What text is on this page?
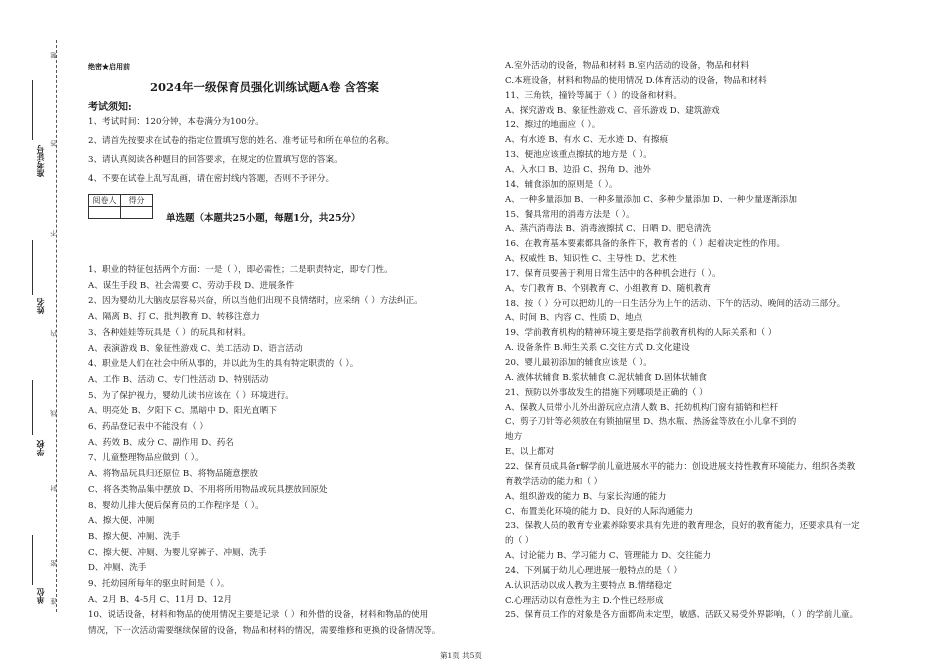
题
答
不
内
线
封
密
准
准考证号
姓名
学校
单位
绝密★启用前
2024年一级保育员强化训练试题A卷 含答案
考试须知:
1、考试时间：120分钟，本卷满分为100分。
2、请首先按要求在试卷的指定位置填写您的姓名、准考证号和所在单位的名称。
3、请认真阅读各种题目的回答要求，在规定的位置填写您的答案。
4、不要在试卷上乱写乱画，请在密封线内答题，否则不予评分。
阅卷人	得分

单选题（本题共25小题，每题1分，共25分）
1、职业的特征包括两个方面：一是（ ），即必需性；二是职责特定，即专门性。
A、谋生手段 B、社会需要 C、劳动手段 D、进展条件
2、因为婴幼儿大脑皮层容易兴奋，所以当他们出现不良情绪时，应采纳（ ）方法纠正。
A、隔离 B、打 C、批判教育 D、转移注意力
3、各种娃娃等玩具是（ ）的玩具和材料。
A、表演游戏 B、象征性游戏 C、美工活动 D、语言活动
4、职业是人们在社会中所从事的，并以此为生的具有特定职责的（ ）。
A、工作 B、活动 C、专门性活动 D、特别活动
5、为了保护视力，婴幼儿读书应该在（ ）环境进行。
A、明亮处 B、夕阳下 C、黑暗中 D、阳光直晒下
6、药品登记表中不能没有（ ）
A、药效 B、成分 C、副作用 D、药名
7、儿童整理物品应做到（ ）。
A、将物品玩具归还原位 B、将物品随意摆放
C、将各类物品集中摆放 D、不用将所用物品或玩具摆放回原处
8、婴幼儿排大便后保育员的工作程序是（ ）。
A、擦大便、冲厕
B、擦大便、冲厕、洗手
C、擦大便、冲厕、为婴儿穿裤子、冲厕、洗手
D、冲厕、洗手
9、托幼园所每年的驱虫时间是（ ）。
A、2月 B、4-5月 C、11月 D、12月
10、说话设备，材料和物品的使用情况主要是记录（ ）和外借的设备，材料和物品的使用
情况，下一次活动需要继续保留的设备，物品和材料的情况，需要维修和更换的设备情况等。
A.室外活动的设备，物品和材料 B.室内活动的设备，物品和材料
C.本班设备，材料和物品的使用情况 D.体育活动的设备，物品和材料
11、三角铁，撞铃等属于（ ）的设备和材料。
A、探究游戏 B、象征性游戏 C、音乐游戏 D、建筑游戏
12、擦过的地面应（ ）。
A、有水迹 B、有水 C、无水迹 D、有擦痕
13、便池应该重点擦拭的地方是（ ）。
A、入水口 B、边沿 C、拐角 D、池外
14、辅食添加的原则是（ ）。
A、一种多量添加 B、一种多量添加 C、多种少量添加 D、一种少量逐渐添加
15、餐具常用的消毒方法是（ ）。
A、蒸汽消毒法 B、消毒液擦拭 C、日晒 D、肥皂清洗
16、在教育基本要素都具备的条件下，教育者的（ ）起着决定性的作用。
A、权威性 B、知识性 C、主导性 D、艺术性
17、保育员要善于利用日常生活中的各种机会进行（ ）。
A、专门教育 B、个别教育 C、小组教育 D、随机教育
18、按（ ）分可以把幼儿的一日生活分为上午的活动、下午的活动、晚间的活动三部分。
A、时间 B、内容 C、性质 D、地点
19、学前教育机构的精神环境主要是指学前教育机构的人际关系和（ ）
A. 设备条件 B.师生关系 C.交往方式 D.文化建设
20、婴儿最初添加的辅食应该是（ ）。
A. 液体状辅食 B.浆状辅食 C.泥状辅食 D.固体状辅食
21、预防以外事故发生的措施下列哪项是正确的（ ）
A、保教人员带小儿外出游玩应点清人数 B、托幼机构门窗有插销和栏杆
C、剪子刀针等必须放在有锁抽屉里 D、热水瓶、热汤盆等放在小儿拿不到的
地方
E、以上都对
22、保育员成具备r解学前儿童进展水平的能力：创设进展支持性教育环境能力、组织各类教
育教学活动的能力和（ ）
A、组织游戏的能力 B、与家长沟通的能力
C、布置美化环境的能力 D、良好的人际沟通能力
23、保教人员的教育专业素养除要求具有先进的教育理念，良好的教育能力，还要求具有一定
的（ ）
A、讨论能力 B、学习能力 C、管理能力 D、交往能力
24、下列属于幼儿心理进展一般特点的是（ ）
A.认识活动以成人教为主要特点 B.情绪稳定
C.心理活动以有意性为主 D.个性已经形成
25、保育员工作的对象是各方面都尚未定型，敏感、活跃又易受外界影响，（ ）的学前儿童。
第1页 共5页
